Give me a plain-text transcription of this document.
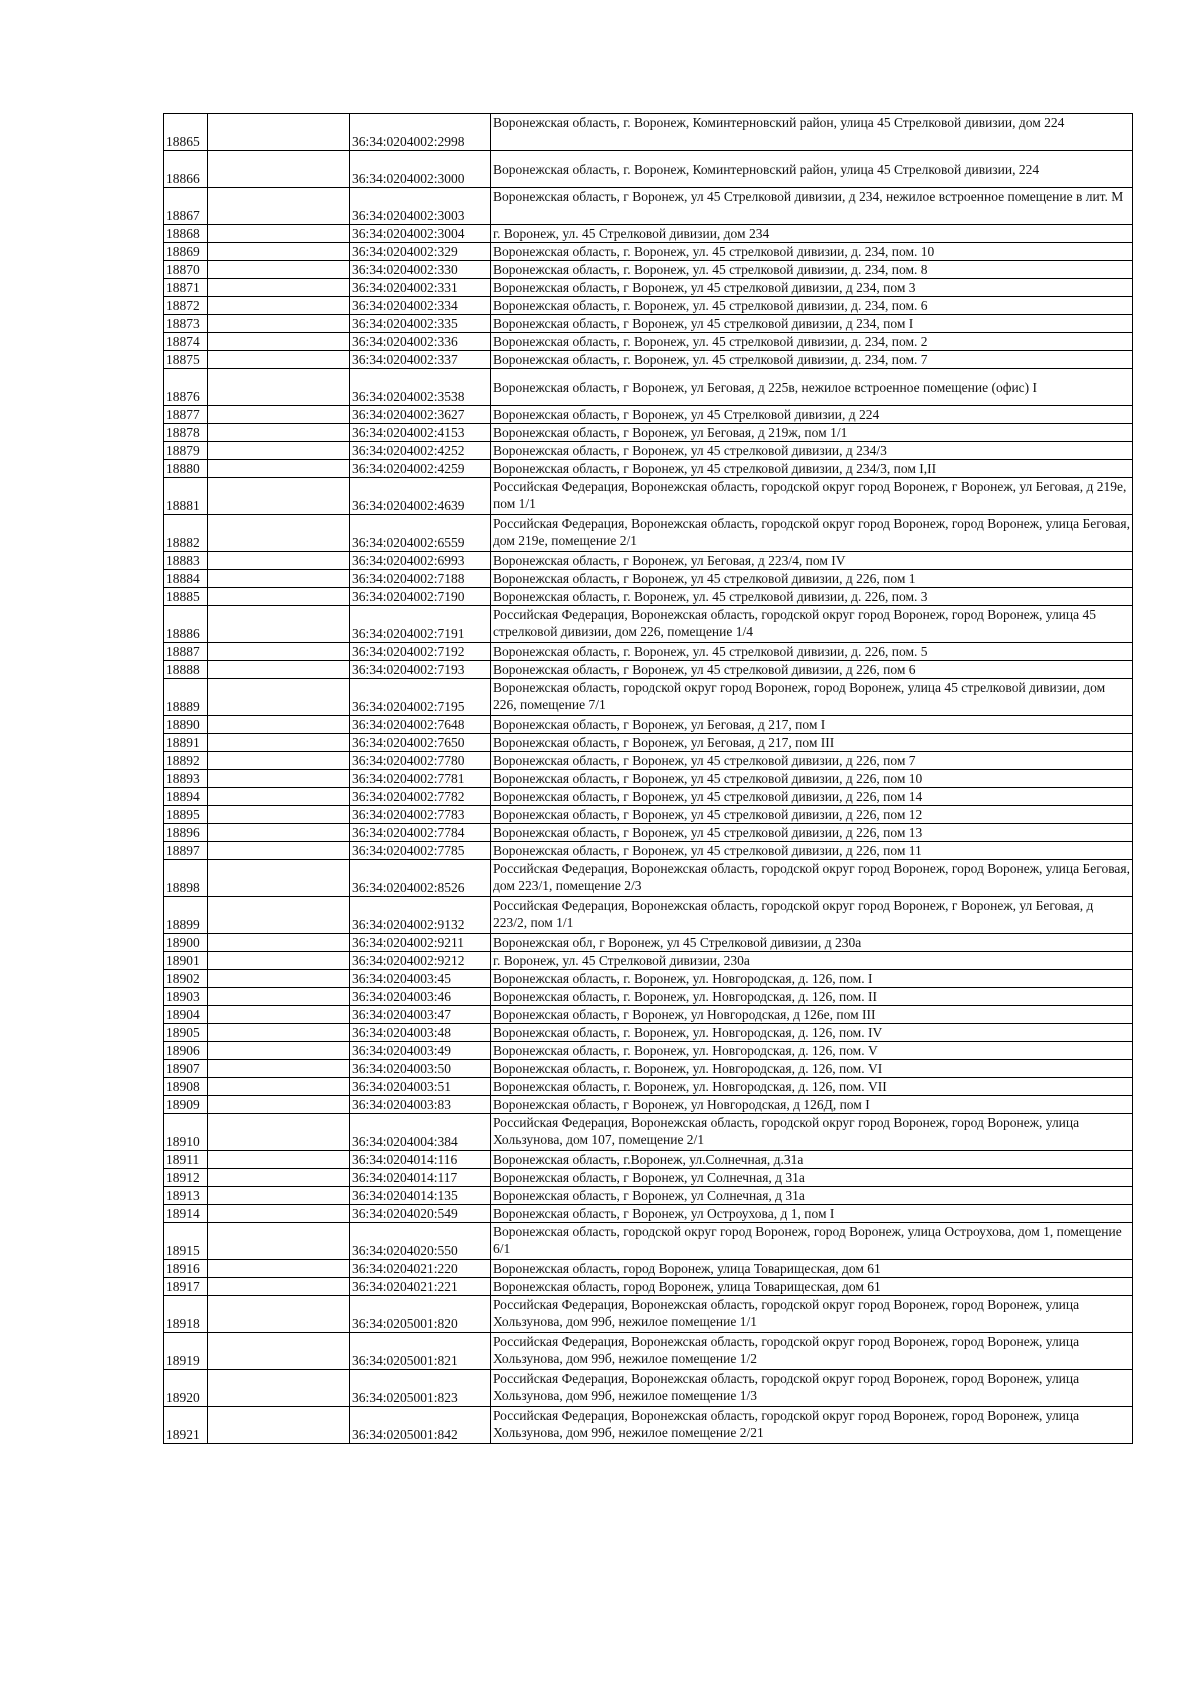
18865		36:34:0204002:2998	Воронежская область, г. Воронеж, Коминтерновский район, улица 45 Стрелковой дивизии, дом 224
18866		36:34:0204002:3000	Воронежская область, г. Воронеж, Коминтерновский район, улица 45 Стрелковой дивизии, 224
18867		36:34:0204002:3003	Воронежская область, г Воронеж, ул 45 Стрелковой дивизии, д 234, нежилое встроенное помещение в лит. М
18868		36:34:0204002:3004	г. Воронеж, ул. 45 Стрелковой дивизии, дом 234
18869		36:34:0204002:329	Воронежская область, г. Воронеж, ул. 45 стрелковой дивизии, д. 234, пом. 10
18870		36:34:0204002:330	Воронежская область, г. Воронеж, ул. 45 стрелковой дивизии, д. 234, пом. 8
18871		36:34:0204002:331	Воронежская область, г Воронеж, ул 45 стрелковой дивизии, д 234, пом 3
18872		36:34:0204002:334	Воронежская область, г. Воронеж, ул. 45 стрелковой дивизии, д. 234, пом. 6
18873		36:34:0204002:335	Воронежская область, г Воронеж, ул 45 стрелковой дивизии, д 234, пом I
18874		36:34:0204002:336	Воронежская область, г. Воронеж, ул. 45 стрелковой дивизии, д. 234, пом. 2
18875		36:34:0204002:337	Воронежская область, г. Воронеж, ул. 45 стрелковой дивизии, д. 234, пом. 7
18876		36:34:0204002:3538	Воронежская область, г Воронеж, ул Беговая, д 225в, нежилое встроенное помещение (офис) I
18877		36:34:0204002:3627	Воронежская область, г Воронеж, ул 45 Стрелковой дивизии, д 224
18878		36:34:0204002:4153	Воронежская область, г Воронеж, ул Беговая, д 219ж, пом 1/1
18879		36:34:0204002:4252	Воронежская область, г Воронеж, ул 45 стрелковой дивизии, д 234/3
18880		36:34:0204002:4259	Воронежская область, г Воронеж, ул 45 стрелковой дивизии, д 234/3, пом I,II
18881		36:34:0204002:4639	Российская Федерация, Воронежская область, городской округ город Воронеж, г Воронеж, ул Беговая, д 219е, пом 1/1
18882		36:34:0204002:6559	Российская Федерация, Воронежская область, городской округ город Воронеж, город Воронеж, улица Беговая, дом 219е, помещение 2/1
18883		36:34:0204002:6993	Воронежская область, г Воронеж, ул Беговая, д 223/4, пом IV
18884		36:34:0204002:7188	Воронежская область, г Воронеж, ул 45 стрелковой дивизии, д 226, пом 1
18885		36:34:0204002:7190	Воронежская область, г. Воронеж, ул. 45 стрелковой дивизии, д. 226, пом. 3
18886		36:34:0204002:7191	Российская Федерация, Воронежская область, городской округ город Воронеж, город Воронеж, улица 45 стрелковой дивизии, дом 226, помещение 1/4
18887		36:34:0204002:7192	Воронежская область, г. Воронеж, ул. 45 стрелковой дивизии, д. 226, пом. 5
18888		36:34:0204002:7193	Воронежская область, г Воронеж, ул 45 стрелковой дивизии, д 226, пом 6
18889		36:34:0204002:7195	Воронежская область, городской округ город Воронеж, город Воронеж, улица 45 стрелковой дивизии, дом 226, помещение 7/1
18890		36:34:0204002:7648	Воронежская область, г Воронеж, ул Беговая, д 217, пом I
18891		36:34:0204002:7650	Воронежская область, г Воронеж, ул Беговая, д 217, пом III
18892		36:34:0204002:7780	Воронежская область, г Воронеж, ул 45 стрелковой дивизии, д 226, пом 7
18893		36:34:0204002:7781	Воронежская область, г Воронеж, ул 45 стрелковой дивизии, д 226, пом 10
18894		36:34:0204002:7782	Воронежская область, г Воронеж, ул 45 стрелковой дивизии, д 226, пом 14
18895		36:34:0204002:7783	Воронежская область, г Воронеж, ул 45 стрелковой дивизии, д 226, пом 12
18896		36:34:0204002:7784	Воронежская область, г Воронеж, ул 45 стрелковой дивизии, д 226, пом 13
18897		36:34:0204002:7785	Воронежская область, г Воронеж, ул 45 стрелковой дивизии, д 226, пом 11
18898		36:34:0204002:8526	Российская Федерация, Воронежская область, городской округ город Воронеж, город Воронеж, улица Беговая, дом 223/1, помещение 2/3
18899		36:34:0204002:9132	Российская Федерация, Воронежская область, городской округ город Воронеж, г Воронеж, ул Беговая, д 223/2, пом 1/1
18900		36:34:0204002:9211	Воронежская обл, г Воронеж, ул 45 Стрелковой дивизии, д 230а
18901		36:34:0204002:9212	г. Воронеж, ул. 45 Стрелковой дивизии, 230а
18902		36:34:0204003:45	Воронежская область, г. Воронеж, ул. Новгородская, д. 126, пом. I
18903		36:34:0204003:46	Воронежская область, г. Воронеж, ул. Новгородская, д. 126, пом. II
18904		36:34:0204003:47	Воронежская область, г Воронеж, ул Новгородская, д 126е, пом III
18905		36:34:0204003:48	Воронежская область, г. Воронеж, ул. Новгородская, д. 126, пом. IV
18906		36:34:0204003:49	Воронежская область, г. Воронеж, ул. Новгородская, д. 126, пом. V
18907		36:34:0204003:50	Воронежская область, г. Воронеж, ул. Новгородская, д. 126, пом. VI
18908		36:34:0204003:51	Воронежская область, г. Воронеж, ул. Новгородская, д. 126, пом. VII
18909		36:34:0204003:83	Воронежская область, г Воронеж, ул Новгородская, д 126Д, пом I
18910		36:34:0204004:384	Российская Федерация, Воронежская область, городской округ город Воронеж, город Воронеж, улица Хользунова, дом 107, помещение 2/1
18911		36:34:0204014:116	Воронежская область, г.Воронеж, ул.Солнечная, д.31а
18912		36:34:0204014:117	Воронежская область, г Воронеж, ул Солнечная, д 31а
18913		36:34:0204014:135	Воронежская область, г Воронеж, ул Солнечная, д 31а
18914		36:34:0204020:549	Воронежская область, г Воронеж, ул Остроухова, д 1, пом I
18915		36:34:0204020:550	Воронежская область, городской округ город Воронеж, город Воронеж, улица Остроухова, дом 1, помещение 6/1
18916		36:34:0204021:220	Воронежская область, город Воронеж, улица Товарищеская, дом 61
18917		36:34:0204021:221	Воронежская область, город Воронеж, улица Товарищеская, дом 61
18918		36:34:0205001:820	Российская Федерация, Воронежская область, городской округ город Воронеж, город Воронеж, улица Хользунова, дом 99б, нежилое помещение 1/1
18919		36:34:0205001:821	Российская Федерация, Воронежская область, городской округ город Воронеж, город Воронеж, улица Хользунова, дом 99б, нежилое помещение 1/2
18920		36:34:0205001:823	Российская Федерация, Воронежская область, городской округ город Воронеж, город Воронеж, улица Хользунова, дом 99б, нежилое помещение 1/3
18921		36:34:0205001:842	Российская Федерация, Воронежская область, городской округ город Воронеж, город Воронеж, улица Хользунова, дом 99б, нежилое помещение 2/21
